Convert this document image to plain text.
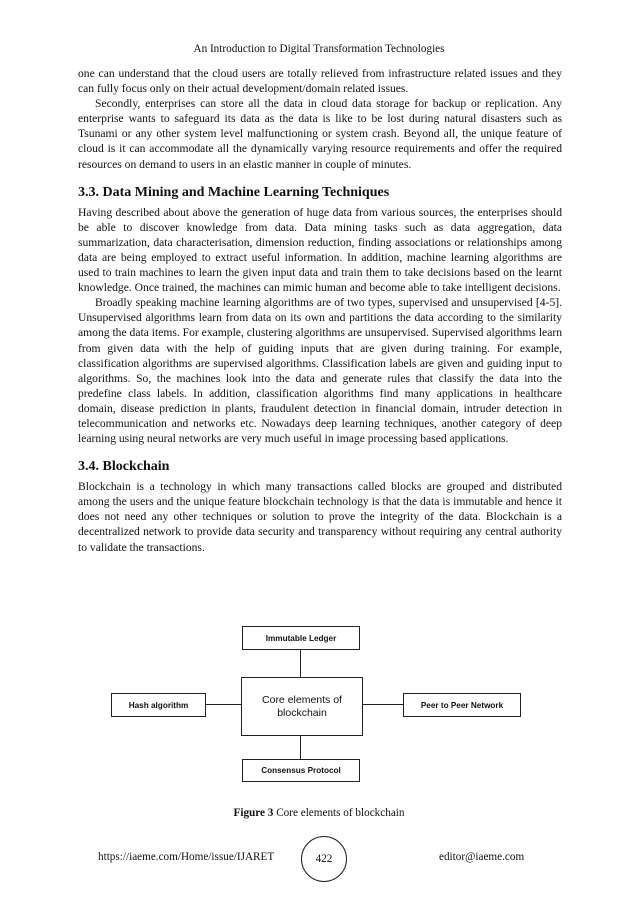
An Introduction to Digital Transformation Technologies

one can understand that the cloud users are totally relieved from infrastructure related issues and they can fully focus only on their actual development/domain related issues.

Secondly, enterprises can store all the data in cloud data storage for backup or replication. Any enterprise wants to safeguard its data as the data is like to be lost during natural disasters such as Tsunami or any other system level malfunctioning or system crash. Beyond all, the unique feature of cloud is it can accommodate all the dynamically varying resource requirements and offer the required resources on demand to users in an elastic manner in couple of minutes.

3.3. Data Mining and Machine Learning Techniques

Having described about above the generation of huge data from various sources, the enterprises should be able to discover knowledge from data. Data mining tasks such as data aggregation, data summarization, data characterisation, dimension reduction, finding associations or relationships among data are being employed to extract useful information. In addition, machine learning algorithms are used to train machines to learn the given input data and train them to take decisions based on the learnt knowledge. Once trained, the machines can mimic human and become able to take intelligent decisions.

Broadly speaking machine learning algorithms are of two types, supervised and unsupervised [4-5]. Unsupervised algorithms learn from data on its own and partitions the data according to the similarity among the data items. For example, clustering algorithms are unsupervised. Supervised algorithms learn from given data with the help of guiding inputs that are given during training. For example, classification algorithms are supervised algorithms. Classification labels are given and guiding input to algorithms. So, the machines look into the data and generate rules that classify the data into the predefine class labels. In addition, classification algorithms find many applications in healthcare domain, disease prediction in plants, fraudulent detection in financial domain, intruder detection in telecommunication and networks etc. Nowadays deep learning techniques, another category of deep learning using neural networks are very much useful in image processing based applications.

3.4. Blockchain

Blockchain is a technology in which many transactions called blocks are grouped and distributed among the users and the unique feature blockchain technology is that the data is immutable and hence it does not need any other techniques or solution to prove the integrity of the data. Blockchain is a decentralized network to provide data security and transparency without requiring any central authority to validate the transactions.

Immutable Ledger
Core elements of
blockchain
Hash algorithm	Peer to Peer Network
Consensus Protocol
Figure 3 Core elements of blockchain
https://iaeme.com/Home/issue/IJARET	422	editor@iaeme.com
